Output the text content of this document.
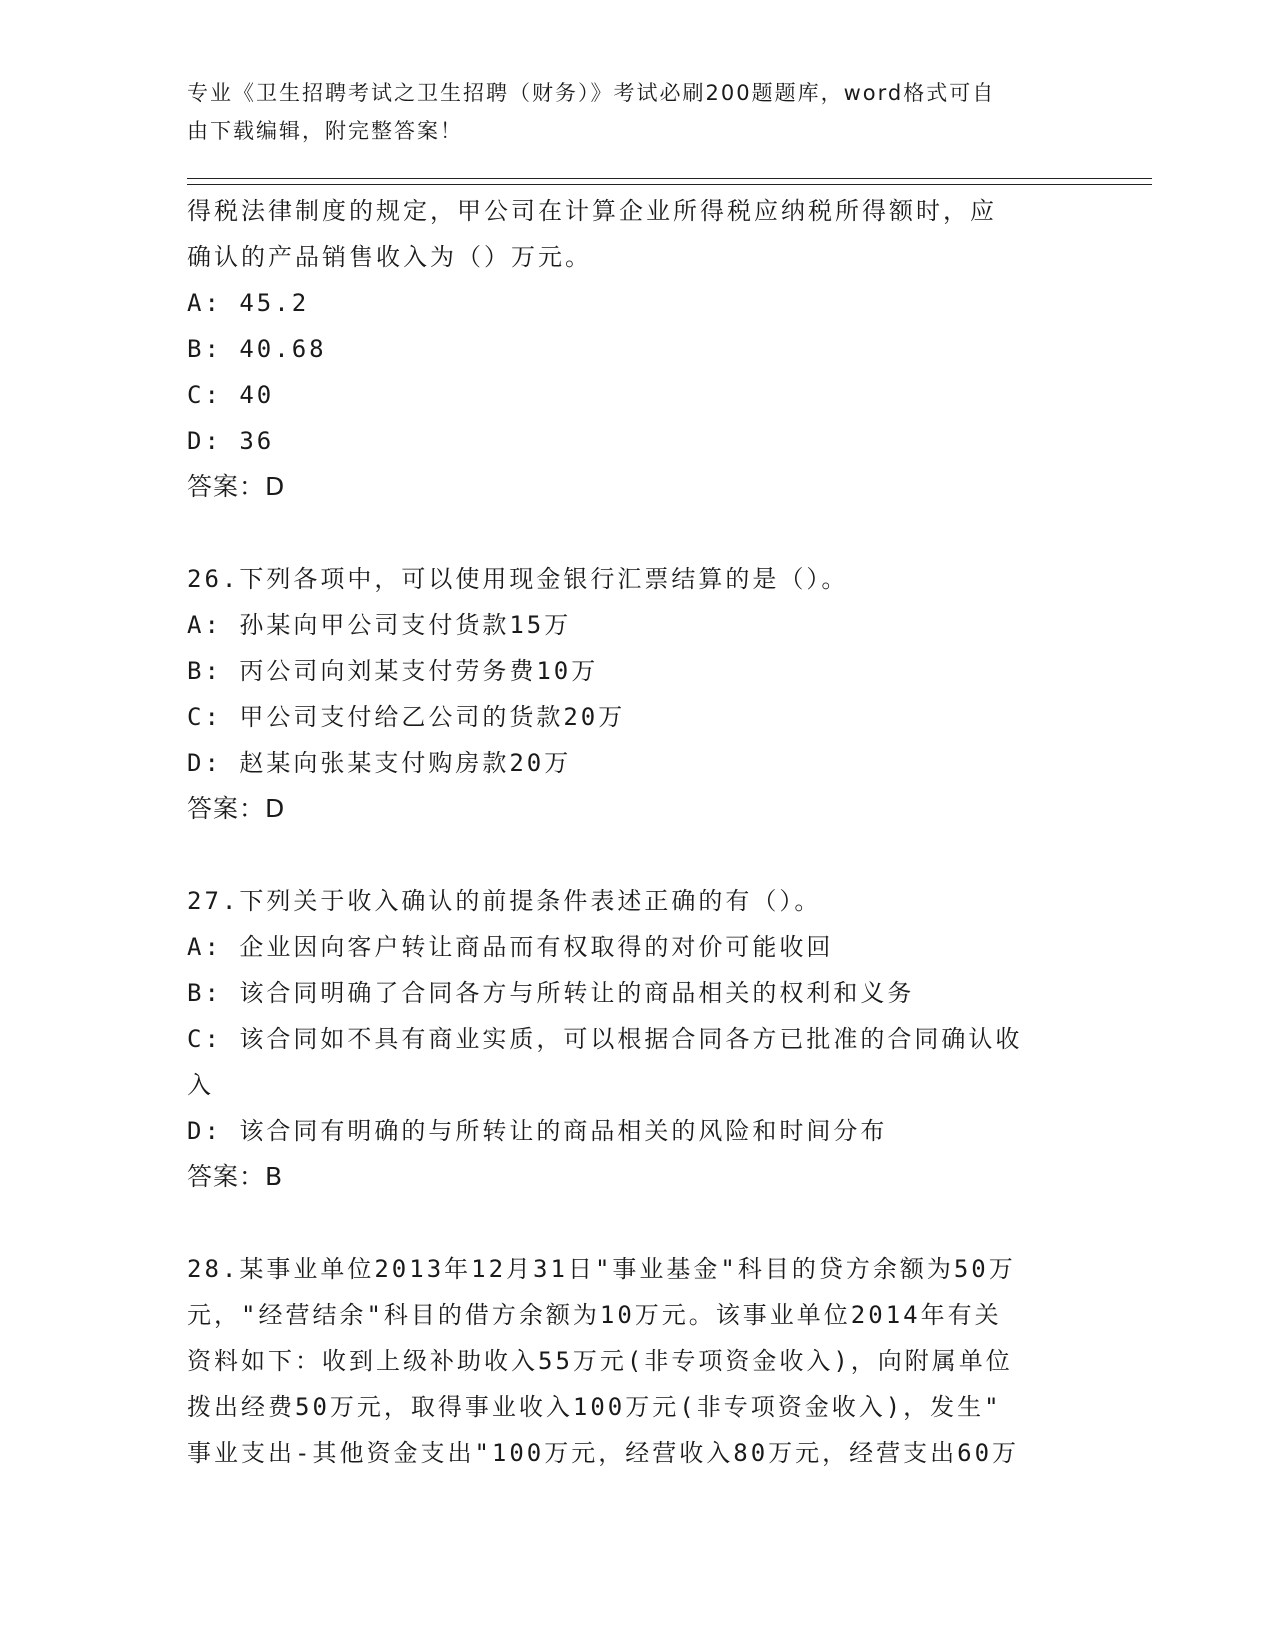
专业《卫生招聘考试之卫生招聘（财务）》考试必刷200题题库，word格式可自
由下载编辑，附完整答案！
得税法律制度的规定，甲公司在计算企业所得税应纳税所得额时，应
确认的产品销售收入为（）万元。
A: 45.2
B: 40.68
C: 40
D: 36
答案：D
26.下列各项中，可以使用现金银行汇票结算的是（）。
A: 孙某向甲公司支付货款15万
B: 丙公司向刘某支付劳务费10万
C: 甲公司支付给乙公司的货款20万
D: 赵某向张某支付购房款20万
答案：D
27.下列关于收入确认的前提条件表述正确的有（）。
A: 企业因向客户转让商品而有权取得的对价可能收回
B: 该合同明确了合同各方与所转让的商品相关的权利和义务
C: 该合同如不具有商业实质，可以根据合同各方已批准的合同确认收
入
D: 该合同有明确的与所转让的商品相关的风险和时间分布
答案：B
28.某事业单位2013年12月31日"事业基金"科目的贷方余额为50万
元，"经营结余"科目的借方余额为10万元。该事业单位2014年有关
资料如下：收到上级补助收入55万元(非专项资金收入)，向附属单位
拨出经费50万元，取得事业收入100万元(非专项资金收入)，发生"
事业支出-其他资金支出"100万元，经营收入80万元，经营支出60万
